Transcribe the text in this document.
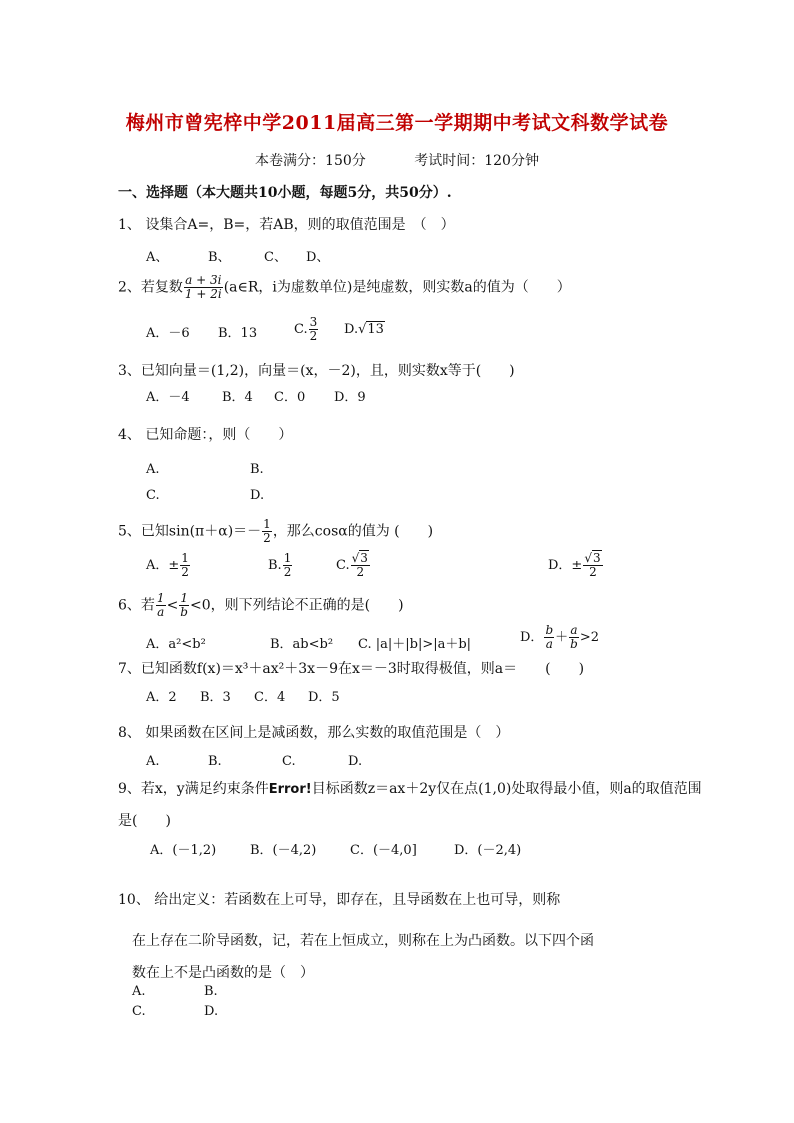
梅州市曾宪梓中学2011届高三第一学期期中考试文科数学试卷
本卷满分：150分	考试时间：120分钟
一、选择题（本大题共10小题，每题5分，共50分）.
1、 设集合A=，B=，若AB，则的取值范围是　（　）
A、	B、	C、 D、
2、若复数 $\frac{a + 3i}{1 + 2i}$ (a∈R，i为虚数单位)是纯虚数，则实数a的值为（　　）
A．－6 B．13	C. $\frac{3}{2} D.√13$
3、已知向量＝(1,2)，向量＝(x，－2)，且，则实数x等于(　　)
A．－4 B．4 C．0 D．9
4、 已知命题：，则（　　）
A.	B.
C.	D.
5、已知$\sin(\pi+\alpha)=- \frac{1}{2}$ ，那么cosα的值为 (　　)
A．± $\frac{1}{2}$	B. $\frac{1}{2}$	C. $\frac{√3}{2}$	D．± $\frac{√3}{2}$
6、若 $\frac{1}{a} < \frac{1}{b} <0$，则下列结论不正确的是(　　)
A．a²<b²	B．ab<b² C. |a|＋|b|>|a＋b|	D． $\frac{b}{a} + \frac{a}{b} >2$
7、已知函数f(x)＝x³＋ax²＋3x－9在x＝－3时取得极值，则a＝　　(　　)
A．2 B．3 C．4 D．5
8、 如果函数在区间上是减函数，那么实数的取值范围是（　）
A.	B.	C.	D.
9、若x，y满足约束条件Error!目标函数z＝ax＋2y仅在点(1,0)处取得最小值，则a的取值范围
是(　　)
A．(－1,2)	B．(－4,2)	C．(－4,0]	D．(－2,4)
10、 给出定义：若函数在上可导，即存在，且导函数在上也可导，则称
在上存在二阶导函数，记，若在上恒成立，则称在上为凸函数。以下四个函
数在上不是凸函数的是（　）
A.	B.
C.	D.
